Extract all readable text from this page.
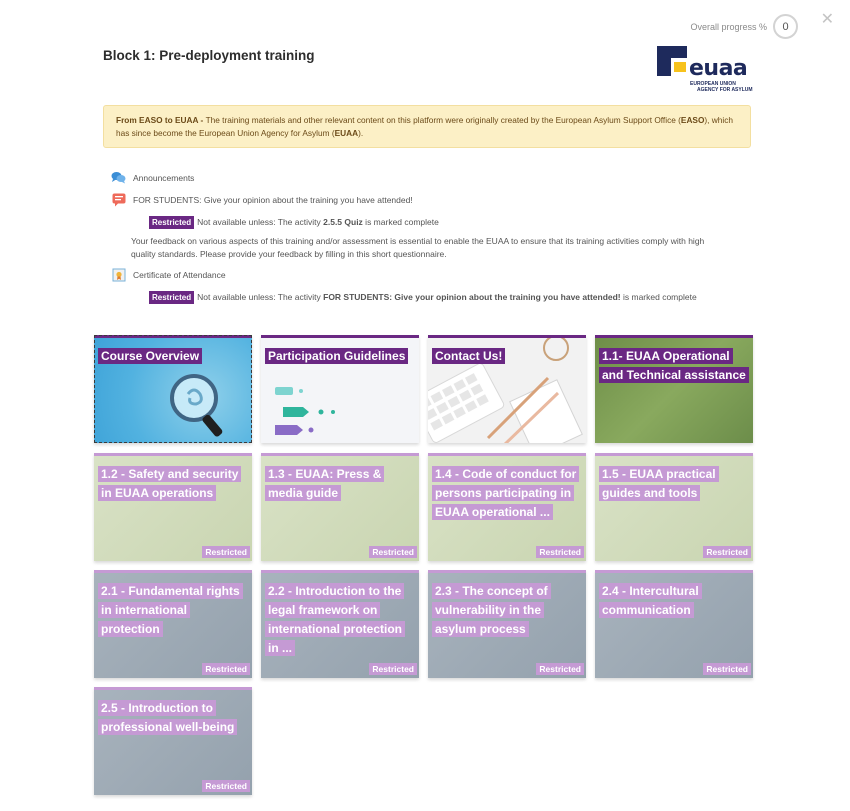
Overall progress %	0	✕
Block 1: Pre-deployment training
euaa
EUROPEAN UNION
AGENCY FOR ASYLUM
From EASO to EUAA - The training materials and other relevant content on this platform were originally created by the European Asylum Support Office (EASO), which has since become the European Union Agency for Asylum (EUAA).
Announcements
FOR STUDENTS: Give your opinion about the training you have attended!
Restricted Not available unless: The activity 2.5.5 Quiz is marked complete
Your feedback on various aspects of this training and/or assessment is essential to enable the EUAA to ensure that its training activities comply with high quality standards. Please provide your feedback by filling in this short questionnaire.
Certificate of Attendance
Restricted Not available unless: The activity FOR STUDENTS: Give your opinion about the training you have attended! is marked complete
Course Overview	Participation Guidelines	Contact Us!	1.1- EUAA Operational and Technical assistance
1.2 - Safety and security in EUAA operations
Restricted
1.3 - EUAA: Press & media guide
Restricted
1.4 - Code of conduct for persons participating in EUAA operational ...
Restricted
1.5 - EUAA practical guides and tools
Restricted
2.1 - Fundamental rights in international protection
Restricted
2.2 - Introduction to the legal framework on international protection in ...
Restricted
2.3 - The concept of vulnerability in the asylum process
Restricted
2.4 - Intercultural communication
Restricted
2.5 - Introduction to professional well-being
Restricted
